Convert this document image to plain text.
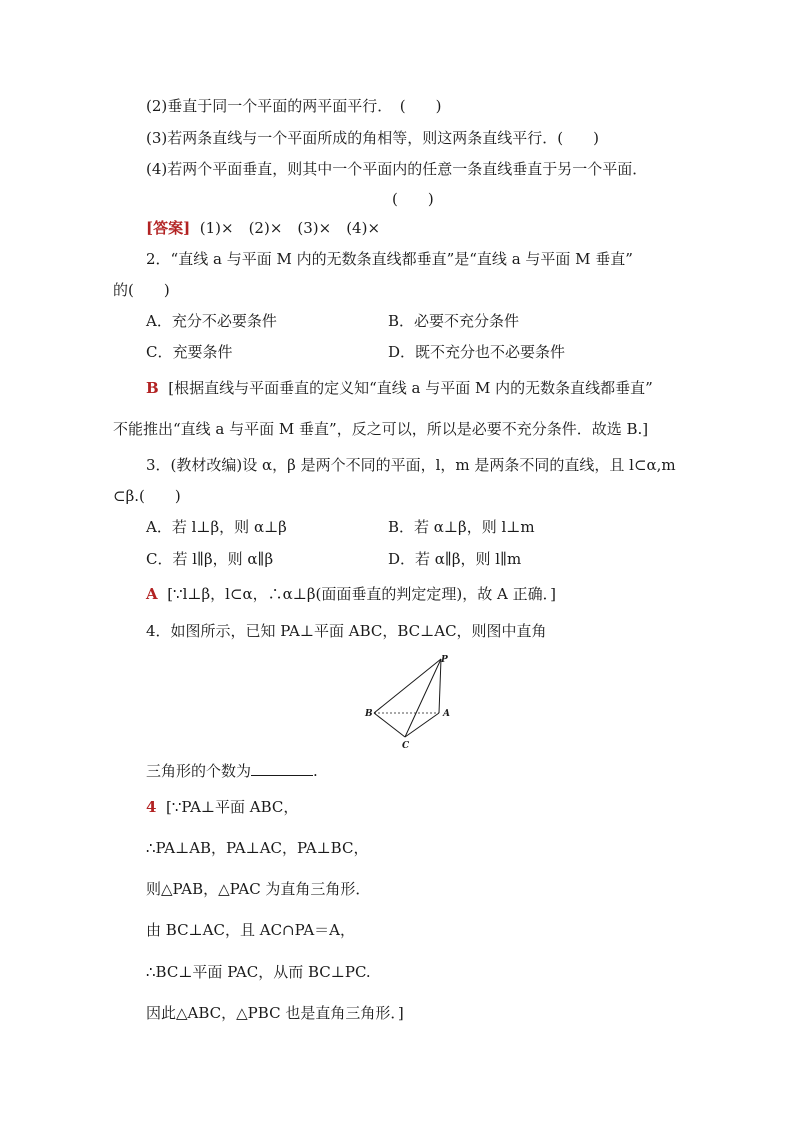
(2)垂直于同一个平面的两平面平行．　(　　)
(3)若两条直线与一个平面所成的角相等，则这两条直线平行．(　　)
(4)若两个平面垂直，则其中一个平面内的任意一条直线垂直于另一个平面．
(　　)
[答案] (1)×　(2)×　(3)×　(4)×
2．“直线 a 与平面 M 内的无数条直线都垂直”是“直线 a 与平面 M 垂直”
的(　　)
A．充分不必要条件	B．必要不充分条件
C．充要条件	D．既不充分也不必要条件
B [根据直线与平面垂直的定义知“直线 a 与平面 M 内的无数条直线都垂直”
不能推出“直线 a 与平面 M 垂直”，反之可以，所以是必要不充分条件．故选 B.]
3．(教材改编)设 α，β 是两个不同的平面，l，m 是两条不同的直线，且 l⊂α,m
⊂β.(　　)
A．若 l⊥β，则 α⊥β	B．若 α⊥β，则 l⊥m
C．若 l∥β，则 α∥β	D．若 α∥β，则 l∥m
A [∵l⊥β，l⊂α，∴α⊥β(面面垂直的判定定理)，故 A 正确．]
4．如图所示，已知 PA⊥平面 ABC，BC⊥AC，则图中直角
P
A
B
C
三角形的个数为	.
4 [∵PA⊥平面 ABC，
∴PA⊥AB，PA⊥AC，PA⊥BC，
则△PAB，△PAC 为直角三角形．
由 BC⊥AC，且 AC∩PA＝A，
∴BC⊥平面 PAC，从而 BC⊥PC.
因此△ABC，△PBC 也是直角三角形．]
